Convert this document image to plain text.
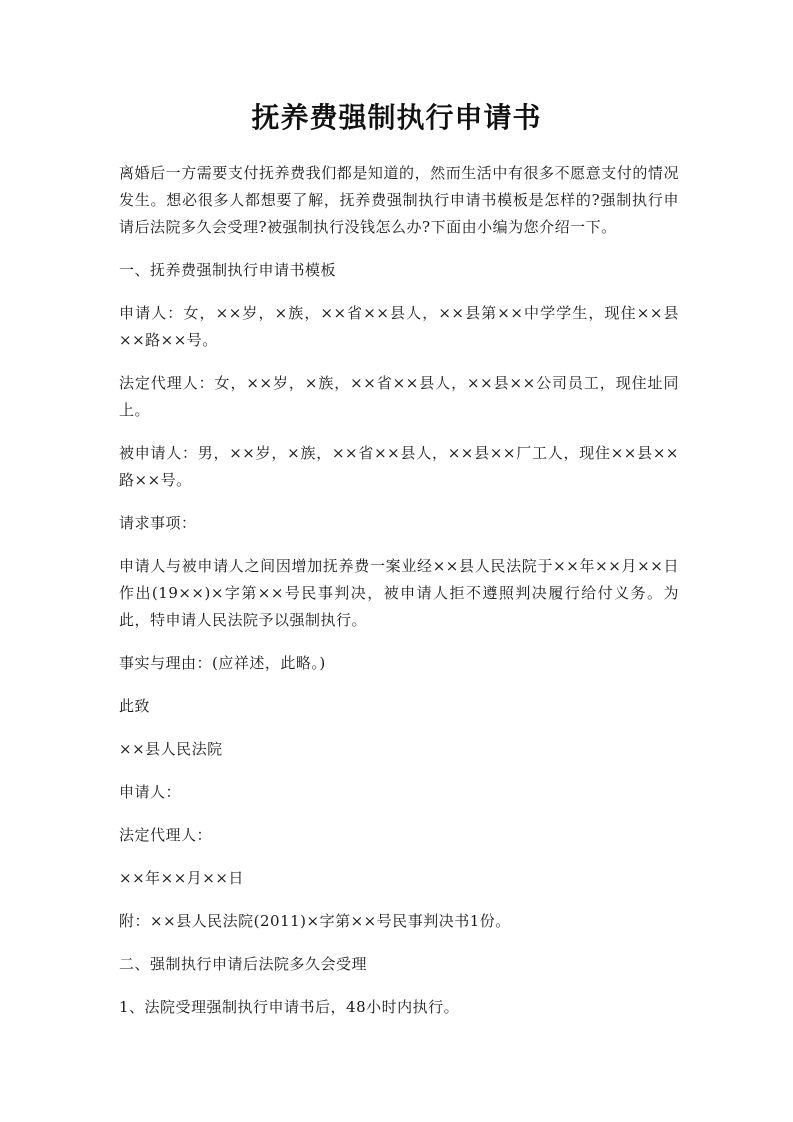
抚养费强制执行申请书

离婚后一方需要支付抚养费我们都是知道的，然而生活中有很多不愿意支付的情况发生。想必很多人都想要了解，抚养费强制执行申请书模板是怎样的?强制执行申请后法院多久会受理?被强制执行没钱怎么办?下面由小编为您介绍一下。

一、抚养费强制执行申请书模板

申请人：女，××岁，×族，××省××县人，××县第××中学学生，现住××县××路××号。

法定代理人：女，××岁，×族，××省××县人，××县××公司员工，现住址同上。

被申请人：男，××岁，×族，××省××县人，××县××厂工人，现住××县××路××号。

请求事项：

申请人与被申请人之间因增加抚养费一案业经××县人民法院于××年××月××日作出(19××)×字第××号民事判决，被申请人拒不遵照判决履行给付义务。为此，特申请人民法院予以强制执行。

事实与理由：(应祥述，此略。)

此致

××县人民法院

申请人：

法定代理人：

××年××月××日

附：××县人民法院(2011)×字第××号民事判决书1份。

二、强制执行申请后法院多久会受理

1、法院受理强制执行申请书后，48小时内执行。
